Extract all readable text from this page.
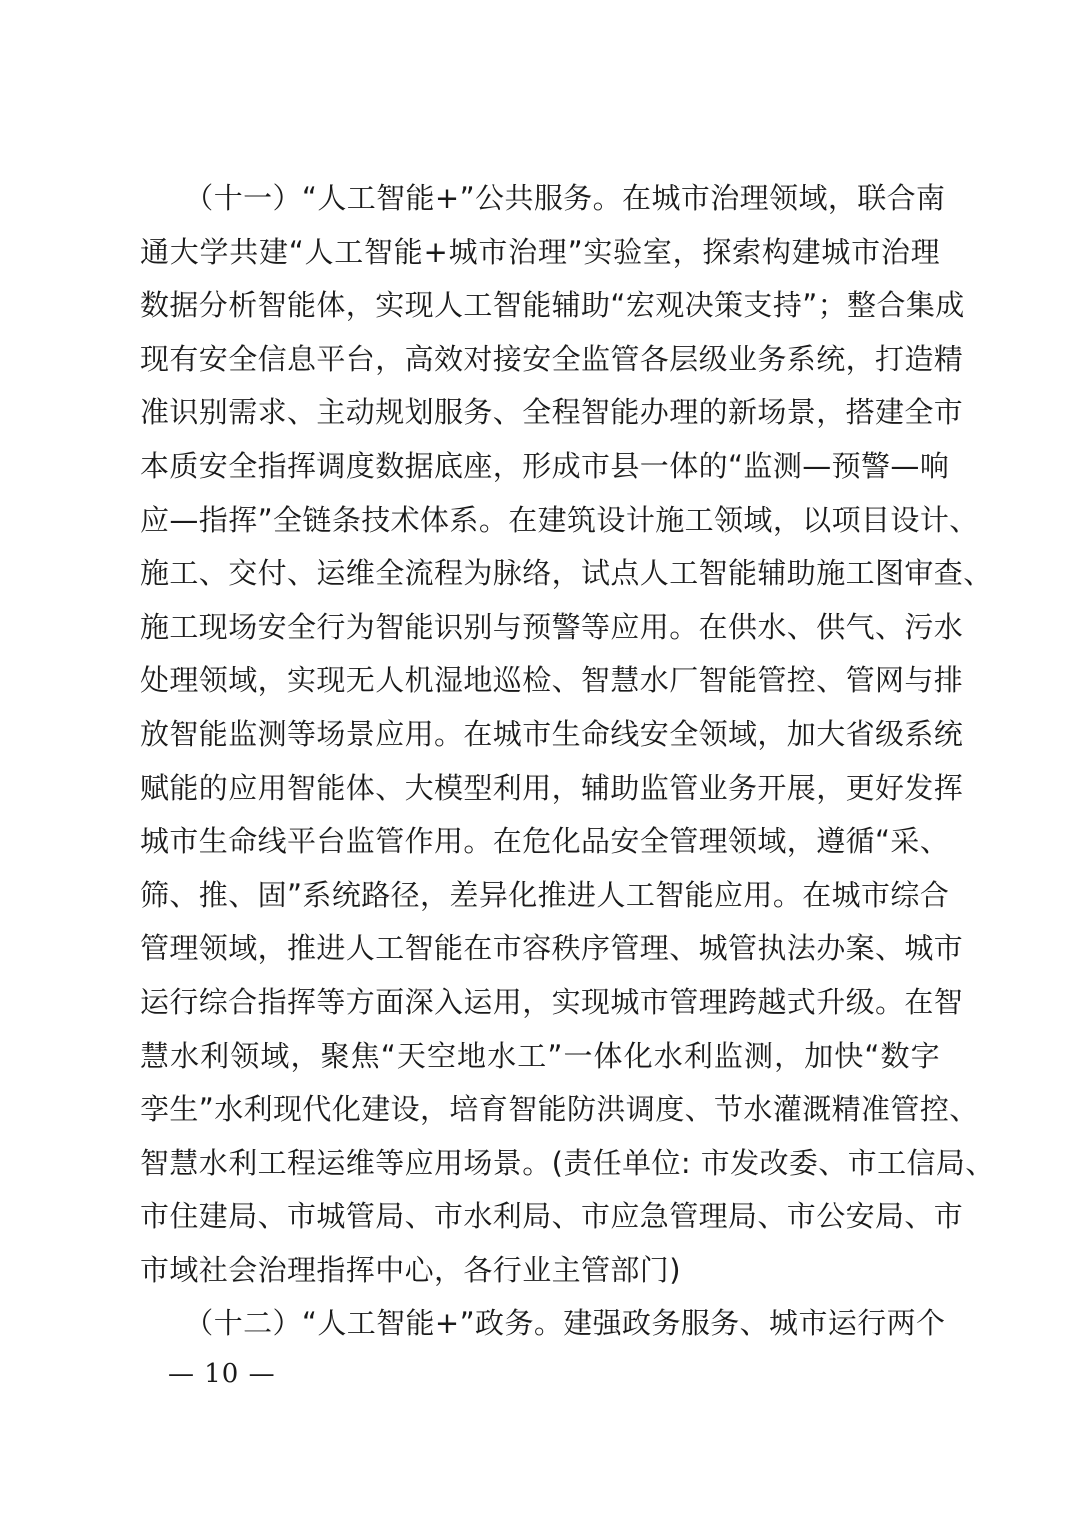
　　（十一）“人工智能+”公共服务。在城市治理领域，联合南
通大学共建“人工智能+城市治理”实验室，探索构建城市治理
数据分析智能体，实现人工智能辅助“宏观决策支持”；整合集成
现有安全信息平台，高效对接安全监管各层级业务系统，打造精
准识别需求、主动规划服务、全程智能办理的新场景，搭建全市
本质安全指挥调度数据底座，形成市县一体的“监测—预警—响
应—指挥”全链条技术体系。在建筑设计施工领域，以项目设计、
施工、交付、运维全流程为脉络，试点人工智能辅助施工图审查、
施工现场安全行为智能识别与预警等应用。在供水、供气、污水
处理领域，实现无人机湿地巡检、智慧水厂智能管控、管网与排
放智能监测等场景应用。在城市生命线安全领域，加大省级系统
赋能的应用智能体、大模型利用，辅助监管业务开展，更好发挥
城市生命线平台监管作用。在危化品安全管理领域，遵循“采、
筛、推、固”系统路径，差异化推进人工智能应用。在城市综合
管理领域，推进人工智能在市容秩序管理、城管执法办案、城市
运行综合指挥等方面深入运用，实现城市管理跨越式升级。在智
慧水利领域，聚焦“天空地水工”一体化水利监测，加快“数字
孪生”水利现代化建设，培育智能防洪调度、节水灌溉精准管控、
智慧水利工程运维等应用场景。(责任单位: 市发改委、市工信局、
市住建局、市城管局、市水利局、市应急管理局、市公安局、市
市域社会治理指挥中心，各行业主管部门)
　　（十二）“人工智能+”政务。建强政务服务、城市运行两个
— 10 —
